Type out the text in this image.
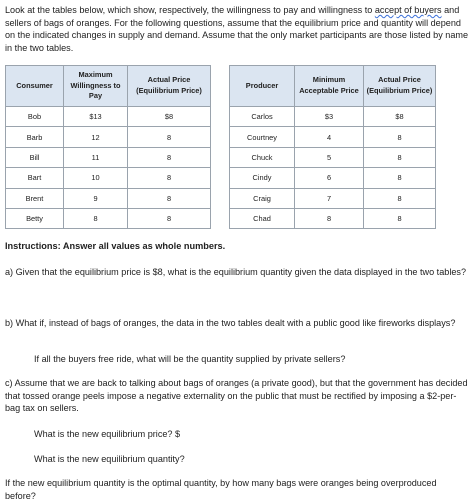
Look at the tables below, which show, respectively, the willingness to pay and willingness to accept of buyers and sellers of bags of oranges. For the following questions, assume that the equilibrium price and quantity will depend on the indicated changes in supply and demand. Assume that the only market participants are those listed by name in the two tables.
Consumer	Maximum Willingness to Pay	Actual Price (Equilibrium Price)
Bob	$13	$8
Barb	12	8
Bill	11	8
Bart	10	8
Brent	9	8
Betty	8	8
Producer	Minimum Acceptable Price	Actual Price (Equilibrium Price)
Carlos	$3	$8
Courtney	4	8
Chuck	5	8
Cindy	6	8
Craig	7	8
Chad	8	8
Instructions: Answer all values as whole numbers.
a) Given that the equilibrium price is $8, what is the equilibrium quantity given the data displayed in the two tables?
b) What if, instead of bags of oranges, the data in the two tables dealt with a public good like fireworks displays?
If all the buyers free ride, what will be the quantity supplied by private sellers?
c) Assume that we are back to talking about bags of oranges (a private good), but that the government has decided that tossed orange peels impose a negative externality on the public that must be rectified by imposing a $2-per-bag tax on sellers.
What is the new equilibrium price? $
What is the new equilibrium quantity?
If the new equilibrium quantity is the optimal quantity, by how many bags were oranges being overproduced before?
